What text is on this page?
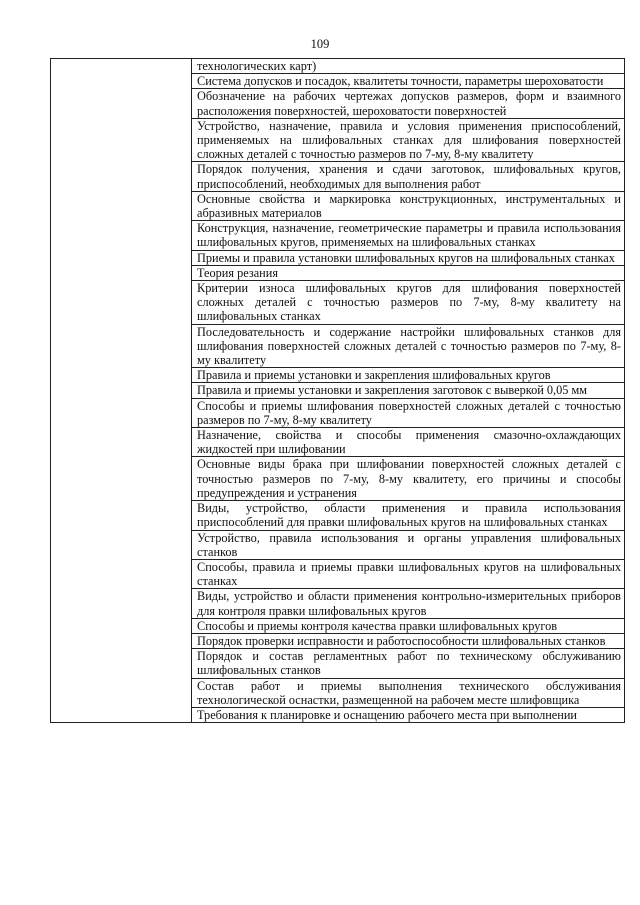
109
	технологических карт)
Система допусков и посадок, квалитеты точности, параметры шероховатости
Обозначение на рабочих чертежах допусков размеров, форм и взаимного расположения поверхностей, шероховатости поверхностей
Устройство, назначение, правила и условия применения приспособлений, применяемых на шлифовальных станках для шлифования поверхностей сложных деталей с точностью размеров по 7-му, 8-му квалитету
Порядок получения, хранения и сдачи заготовок, шлифовальных кругов, приспособлений, необходимых для выполнения работ
Основные свойства и маркировка конструкционных, инструментальных и абразивных материалов
Конструкция, назначение, геометрические параметры и правила использования шлифовальных кругов, применяемых на шлифовальных станках
Приемы и правила установки шлифовальных кругов на шлифовальных станках
Теория резания
Критерии износа шлифовальных кругов для шлифования поверхностей сложных деталей с точностью размеров по 7-му, 8-му квалитету на шлифовальных станках
Последовательность и содержание настройки шлифовальных станков для шлифования поверхностей сложных деталей с точностью размеров по 7-му, 8-му квалитету
Правила и приемы установки и закрепления шлифовальных кругов
Правила и приемы установки и закрепления заготовок с выверкой 0,05 мм
Способы и приемы шлифования поверхностей сложных деталей с точностью размеров по 7-му, 8-му квалитету
Назначение, свойства и способы применения смазочно-охлаждающих жидкостей при шлифовании
Основные виды брака при шлифовании поверхностей сложных деталей с точностью размеров по 7-му, 8-му квалитету, его причины и способы предупреждения и устранения
Виды, устройство, области применения и правила использования приспособлений для правки шлифовальных кругов на шлифовальных станках
Устройство, правила использования и органы управления шлифовальных станков
Способы, правила и приемы правки шлифовальных кругов на шлифовальных станках
Виды, устройство и области применения контрольно-измерительных приборов для контроля правки шлифовальных кругов
Способы и приемы контроля качества правки шлифовальных кругов
Порядок проверки исправности и работоспособности шлифовальных станков
Порядок и состав регламентных работ по техническому обслуживанию шлифовальных станков
Состав работ и приемы выполнения технического обслуживания технологической оснастки, размещенной на рабочем месте шлифовщика
Требования к планировке и оснащению рабочего места при выполнении
